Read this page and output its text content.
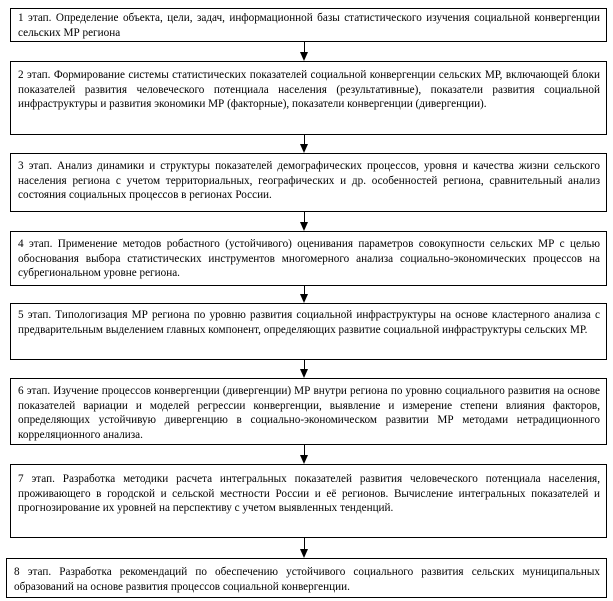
1 этап. Определение объекта, цели, задач, информационной базы статистического изучения социальной конвергенции сельских МР региона
2 этап. Формирование системы статистических показателей социальной конвергенции сельских МР, включающей блоки показателей развития человеческого потенциала населения (результативные), показатели развития социальной инфраструктуры и развития экономики МР (факторные), показатели конвергенции (дивергенции).
3 этап. Анализ динамики и структуры показателей демографических процессов, уровня и качества жизни сельского населения региона с учетом территориальных, географических и др. особенностей региона, сравнительный анализ состояния социальных процессов в регионах России.
4 этап. Применение методов робастного (устойчивого) оценивания параметров совокупности сельских МР с целью обоснования выбора статистических инструментов многомерного анализа социально-экономических процессов на субрегиональном уровне региона.
5 этап. Типологизация МР региона по уровню развития социальной инфраструктуры на основе кластерного анализа с предварительным выделением главных компонент, определяющих развитие социальной инфраструктуры сельских МР.
6 этап. Изучение процессов конвергенции (дивергенции) МР внутри региона по уровню социального развития на основе показателей вариации и моделей регрессии конвергенции, выявление и измерение степени влияния факторов, определяющих устойчивую дивергенцию в социально-экономическом развитии МР методами нетрадиционного корреляционного анализа.
7 этап. Разработка методики расчета интегральных показателей развития человеческого потенциала населения, проживающего в городской и сельской местности России и её регионов. Вычисление интегральных показателей и прогнозирование их уровней на перспективу с учетом выявленных тенденций.
8 этап. Разработка рекомендаций по обеспечению устойчивого социального развития сельских муниципальных образований на основе развития процессов социальной конвергенции.
